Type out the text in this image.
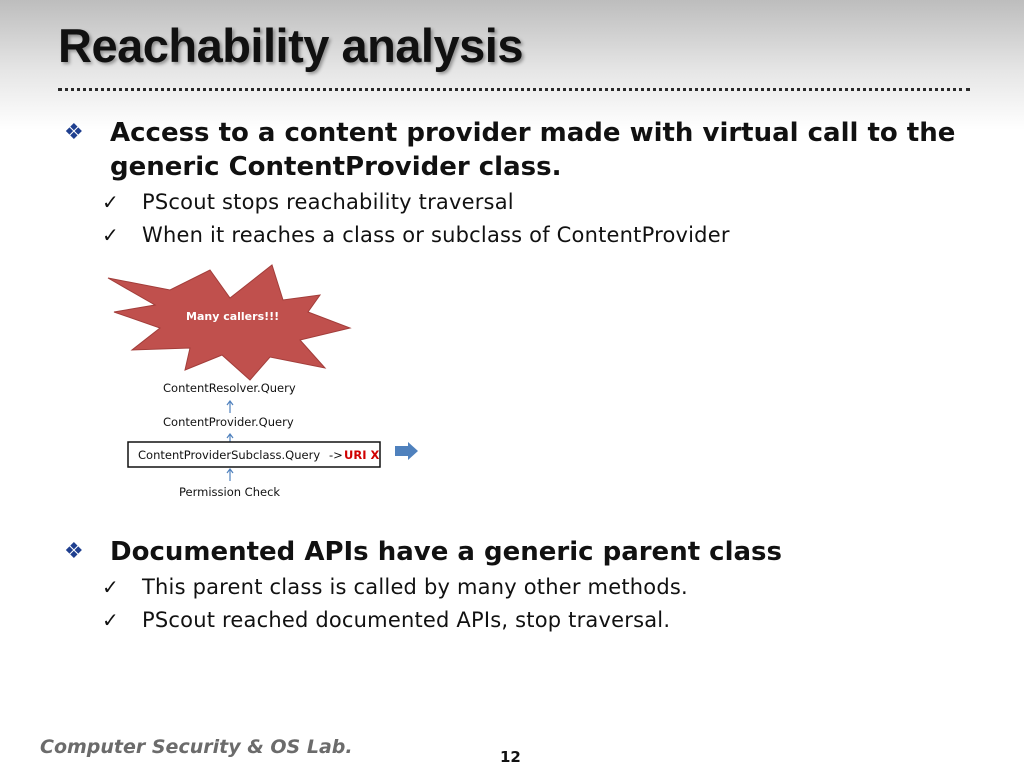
Reachability analysis
❖ Access to a content provider made with virtual call to the generic ContentProvider class.
✓ PScout stops reachability traversal
✓ When it reaches a class or subclass of ContentProvider
Many callers!!!
ContentResolver.Query
ContentProvider.Query
ContentProviderSubclass.Query -> URI X
Permission Check
❖ Documented APIs have a generic parent class
✓ This parent class is called by many other methods.
✓ PScout reached documented APIs, stop traversal.
Computer Security & OS Lab.	12
